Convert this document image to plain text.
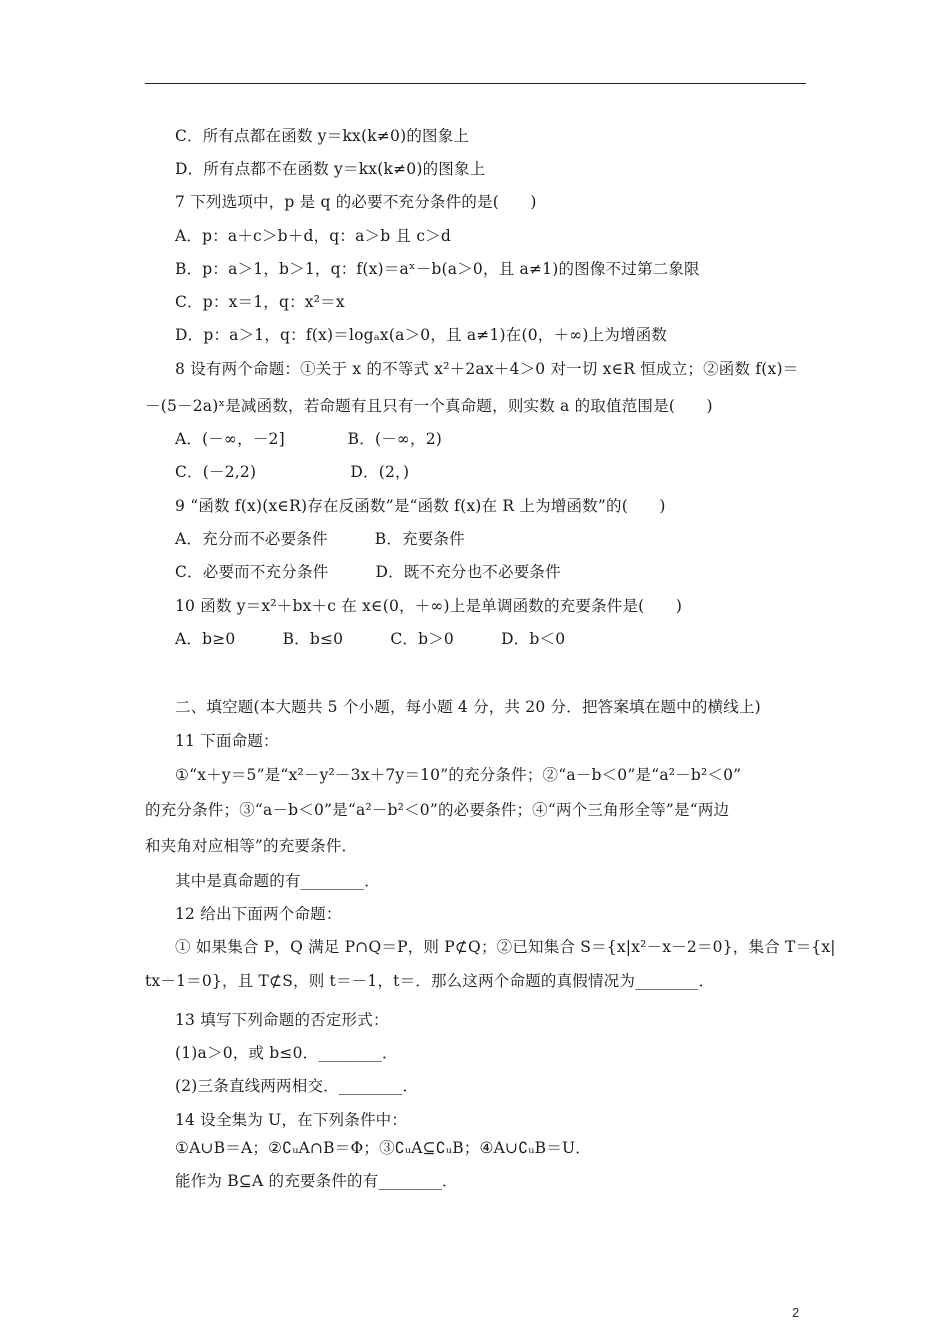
C．所有点都在函数 y＝kx(k≠0)的图象上
D．所有点都不在函数 y＝kx(k≠0)的图象上
7 下列选项中，p 是 q 的必要不充分条件的是(　　)
A．p：a＋c＞b＋d，q：a＞b 且 c＞d
B．p：a＞1，b＞1，q：f(x)＝aˣ－b(a＞0，且 a≠1)的图像不过第二象限
C．p：x＝1，q：x²＝x
D．p：a＞1，q：f(x)＝logₐx(a＞0，且 a≠1)在(0，＋∞)上为增函数
8 设有两个命题：①关于 x 的不等式 x²＋2ax＋4＞0 对一切 x∈R 恒成立；②函数 f(x)＝
－(5－2a)ˣ是减函数，若命题有且只有一个真命题，则实数 a 的取值范围是(　　)
A．(－∞，－2]　　　　B．(－∞，2)
C．(－2,2)　　　　　　D．(2，)
9 “函数 f(x)(x∈R)存在反函数”是“函数 f(x)在 R 上为增函数”的(　　)
A．充分而不必要条件　　　B．充要条件
C．必要而不充分条件　　　D．既不充分也不必要条件
10 函数 y＝x²＋bx＋c 在 x∈(0，＋∞)上是单调函数的充要条件是(　　)
A．b≥0　　　B．b≤0　　　C．b＞0　　　D．b＜0
二、填空题(本大题共 5 个小题，每小题 4 分，共 20 分．把答案填在题中的横线上)
11 下面命题：
①“x＋y＝5”是“x²－y²－3x＋7y＝10”的充分条件；②“a－b＜0”是“a²－b²＜0”
的充分条件；③“a－b＜0”是“a²－b²＜0”的必要条件；④“两个三角形全等”是“两边
和夹角对应相等”的充要条件．
其中是真命题的有________．
12 给出下面两个命题：
① 如果集合 P，Q 满足 P∩Q＝P，则 P⊄Q；②已知集合 S＝{x|x²－x－2＝0}，集合 T＝{x|
tx－1＝0}，且 T⊄S，则 t＝－1，t＝．那么这两个命题的真假情况为________．
13 填写下列命题的否定形式：
(1)a＞0，或 b≤0．________．
(2)三条直线两两相交．________．
14 设全集为 U，在下列条件中：
①A∪B＝A；②∁ᵤA∩B＝Φ；③∁ᵤA⊆∁ᵤB；④A∪∁ᵤB＝U．
能作为 B⊆A 的充要条件的有________．
2
